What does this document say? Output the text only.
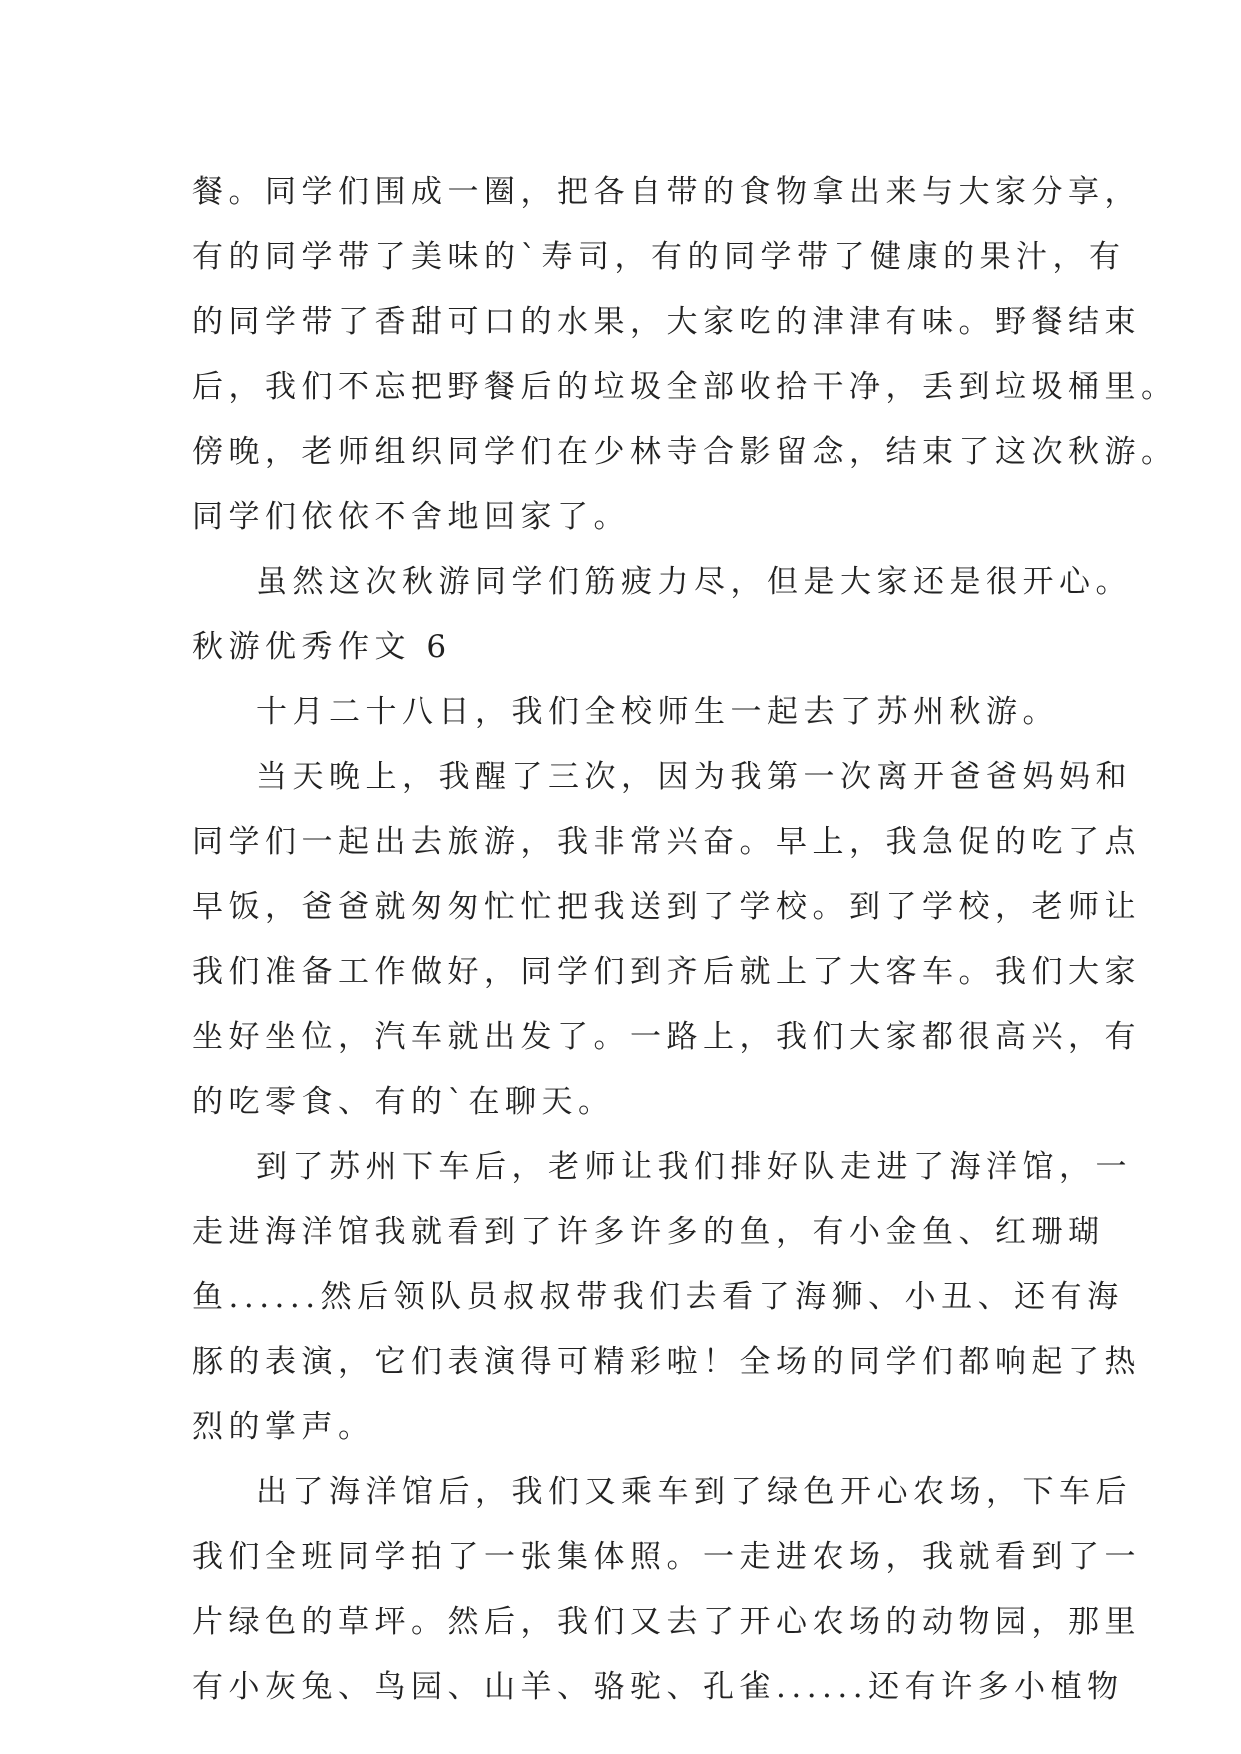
餐。同学们围成一圈，把各自带的食物拿出来与大家分享，
有的同学带了美味的`寿司，有的同学带了健康的果汁，有
的同学带了香甜可口的水果，大家吃的津津有味。野餐结束
后，我们不忘把野餐后的垃圾全部收拾干净，丢到垃圾桶里。
傍晚，老师组织同学们在少林寺合影留念，结束了这次秋游。
同学们依依不舍地回家了。
虽然这次秋游同学们筋疲力尽，但是大家还是很开心。
秋游优秀作文 6
十月二十八日，我们全校师生一起去了苏州秋游。
当天晚上，我醒了三次，因为我第一次离开爸爸妈妈和
同学们一起出去旅游，我非常兴奋。早上，我急促的吃了点
早饭，爸爸就匆匆忙忙把我送到了学校。到了学校，老师让
我们准备工作做好，同学们到齐后就上了大客车。我们大家
坐好坐位，汽车就出发了。一路上，我们大家都很高兴，有
的吃零食、有的`在聊天。
到了苏州下车后，老师让我们排好队走进了海洋馆，一
走进海洋馆我就看到了许多许多的鱼，有小金鱼、红珊瑚
鱼......然后领队员叔叔带我们去看了海狮、小丑、还有海
豚的表演，它们表演得可精彩啦！全场的同学们都响起了热
烈的掌声。
出了海洋馆后，我们又乘车到了绿色开心农场，下车后
我们全班同学拍了一张集体照。一走进农场，我就看到了一
片绿色的草坪。然后，我们又去了开心农场的动物园，那里
有小灰兔、鸟园、山羊、骆驼、孔雀......还有许多小植物
